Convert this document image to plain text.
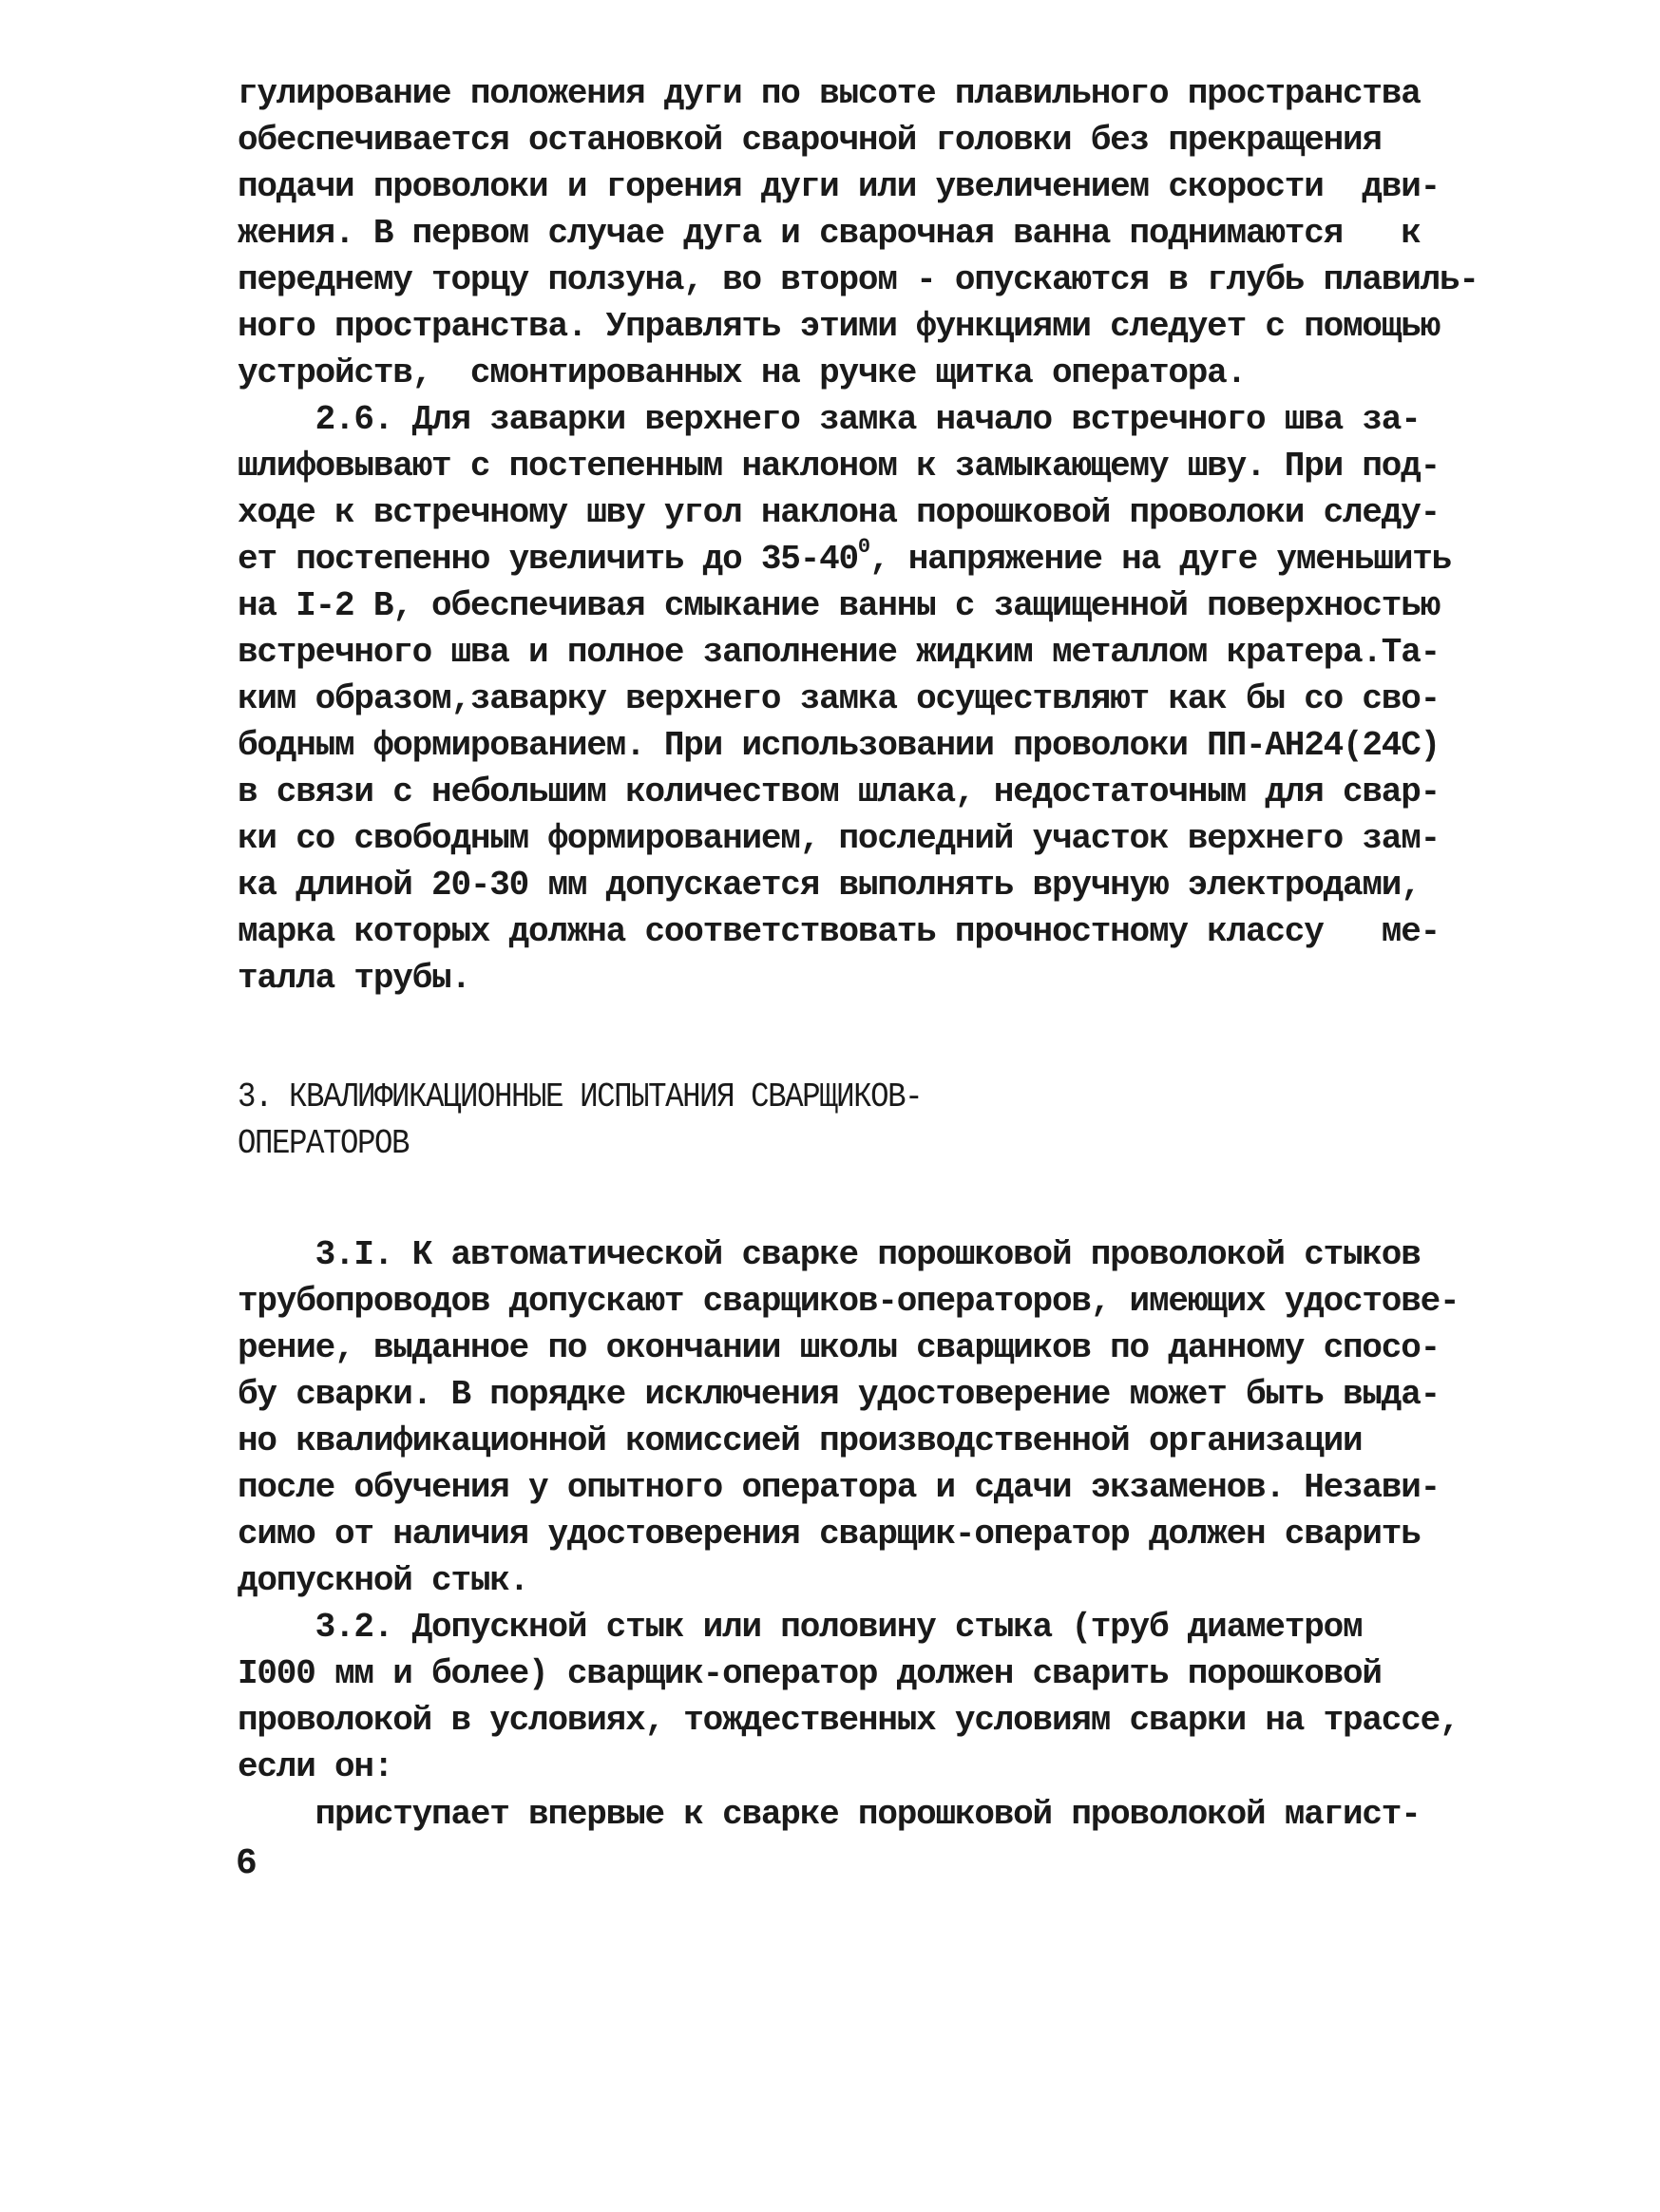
гулирование положения дуги по высоте плавильного пространства
обеспечивается остановкой сварочной головки без прекращения
подачи проволоки и горения дуги или увеличением скорости  дви-
жения. В первом случае дуга и сварочная ванна поднимаются   к
переднему торцу ползуна, во втором - опускаются в глубь плавиль-
ного пространства. Управлять этими функциями следует с помощью
устройств,  смонтированных на ручке щитка оператора.
2.6. Для заварки верхнего замка начало встречного шва за-
шлифовывают с постепенным наклоном к замыкающему шву. При под-
ходе к встречному шву угол наклона порошковой проволоки следу-
ет постепенно увеличить до $35-40^0$, напряжение на дуге уменьшить
на I-2 В, обеспечивая смыкание ванны с защищенной поверхностью
встречного шва и полное заполнение жидким металлом кратера.Та-
ким образом,заварку верхнего замка осуществляют как бы со сво-
бодным формированием. При использовании проволоки ПП-АН24(24С)
в связи с небольшим количеством шлака, недостаточным для свар-
ки со свободным формированием, последний участок верхнего зам-
ка длиной 20-30 мм допускается выполнять вручную электродами,
марка которых должна соответствовать прочностному классу   ме-
талла трубы.
3. КВАЛИФИКАЦИОННЫЕ ИСПЫТАНИЯ СВАРЩИКОВ-
ОПЕРАТОРОВ
3.I. К автоматической сварке порошковой проволокой стыков
трубопроводов допускают сварщиков-операторов, имеющих удостове-
рение, выданное по окончании школы сварщиков по данному спосо-
бу сварки. В порядке исключения удостоверение может быть выда-
но квалификационной комиссией производственной организации
после обучения у опытного оператора и сдачи экзаменов. Незави-
симо от наличия удостоверения сварщик-оператор должен сварить
допускной стык.
3.2. Допускной стык или половину стыка (труб диаметром
I000 мм и более) сварщик-оператор должен сварить порошковой
проволокой в условиях, тождественных условиям сварки на трассе,
если он:
приступает впервые к сварке порошковой проволокой магист-
6
